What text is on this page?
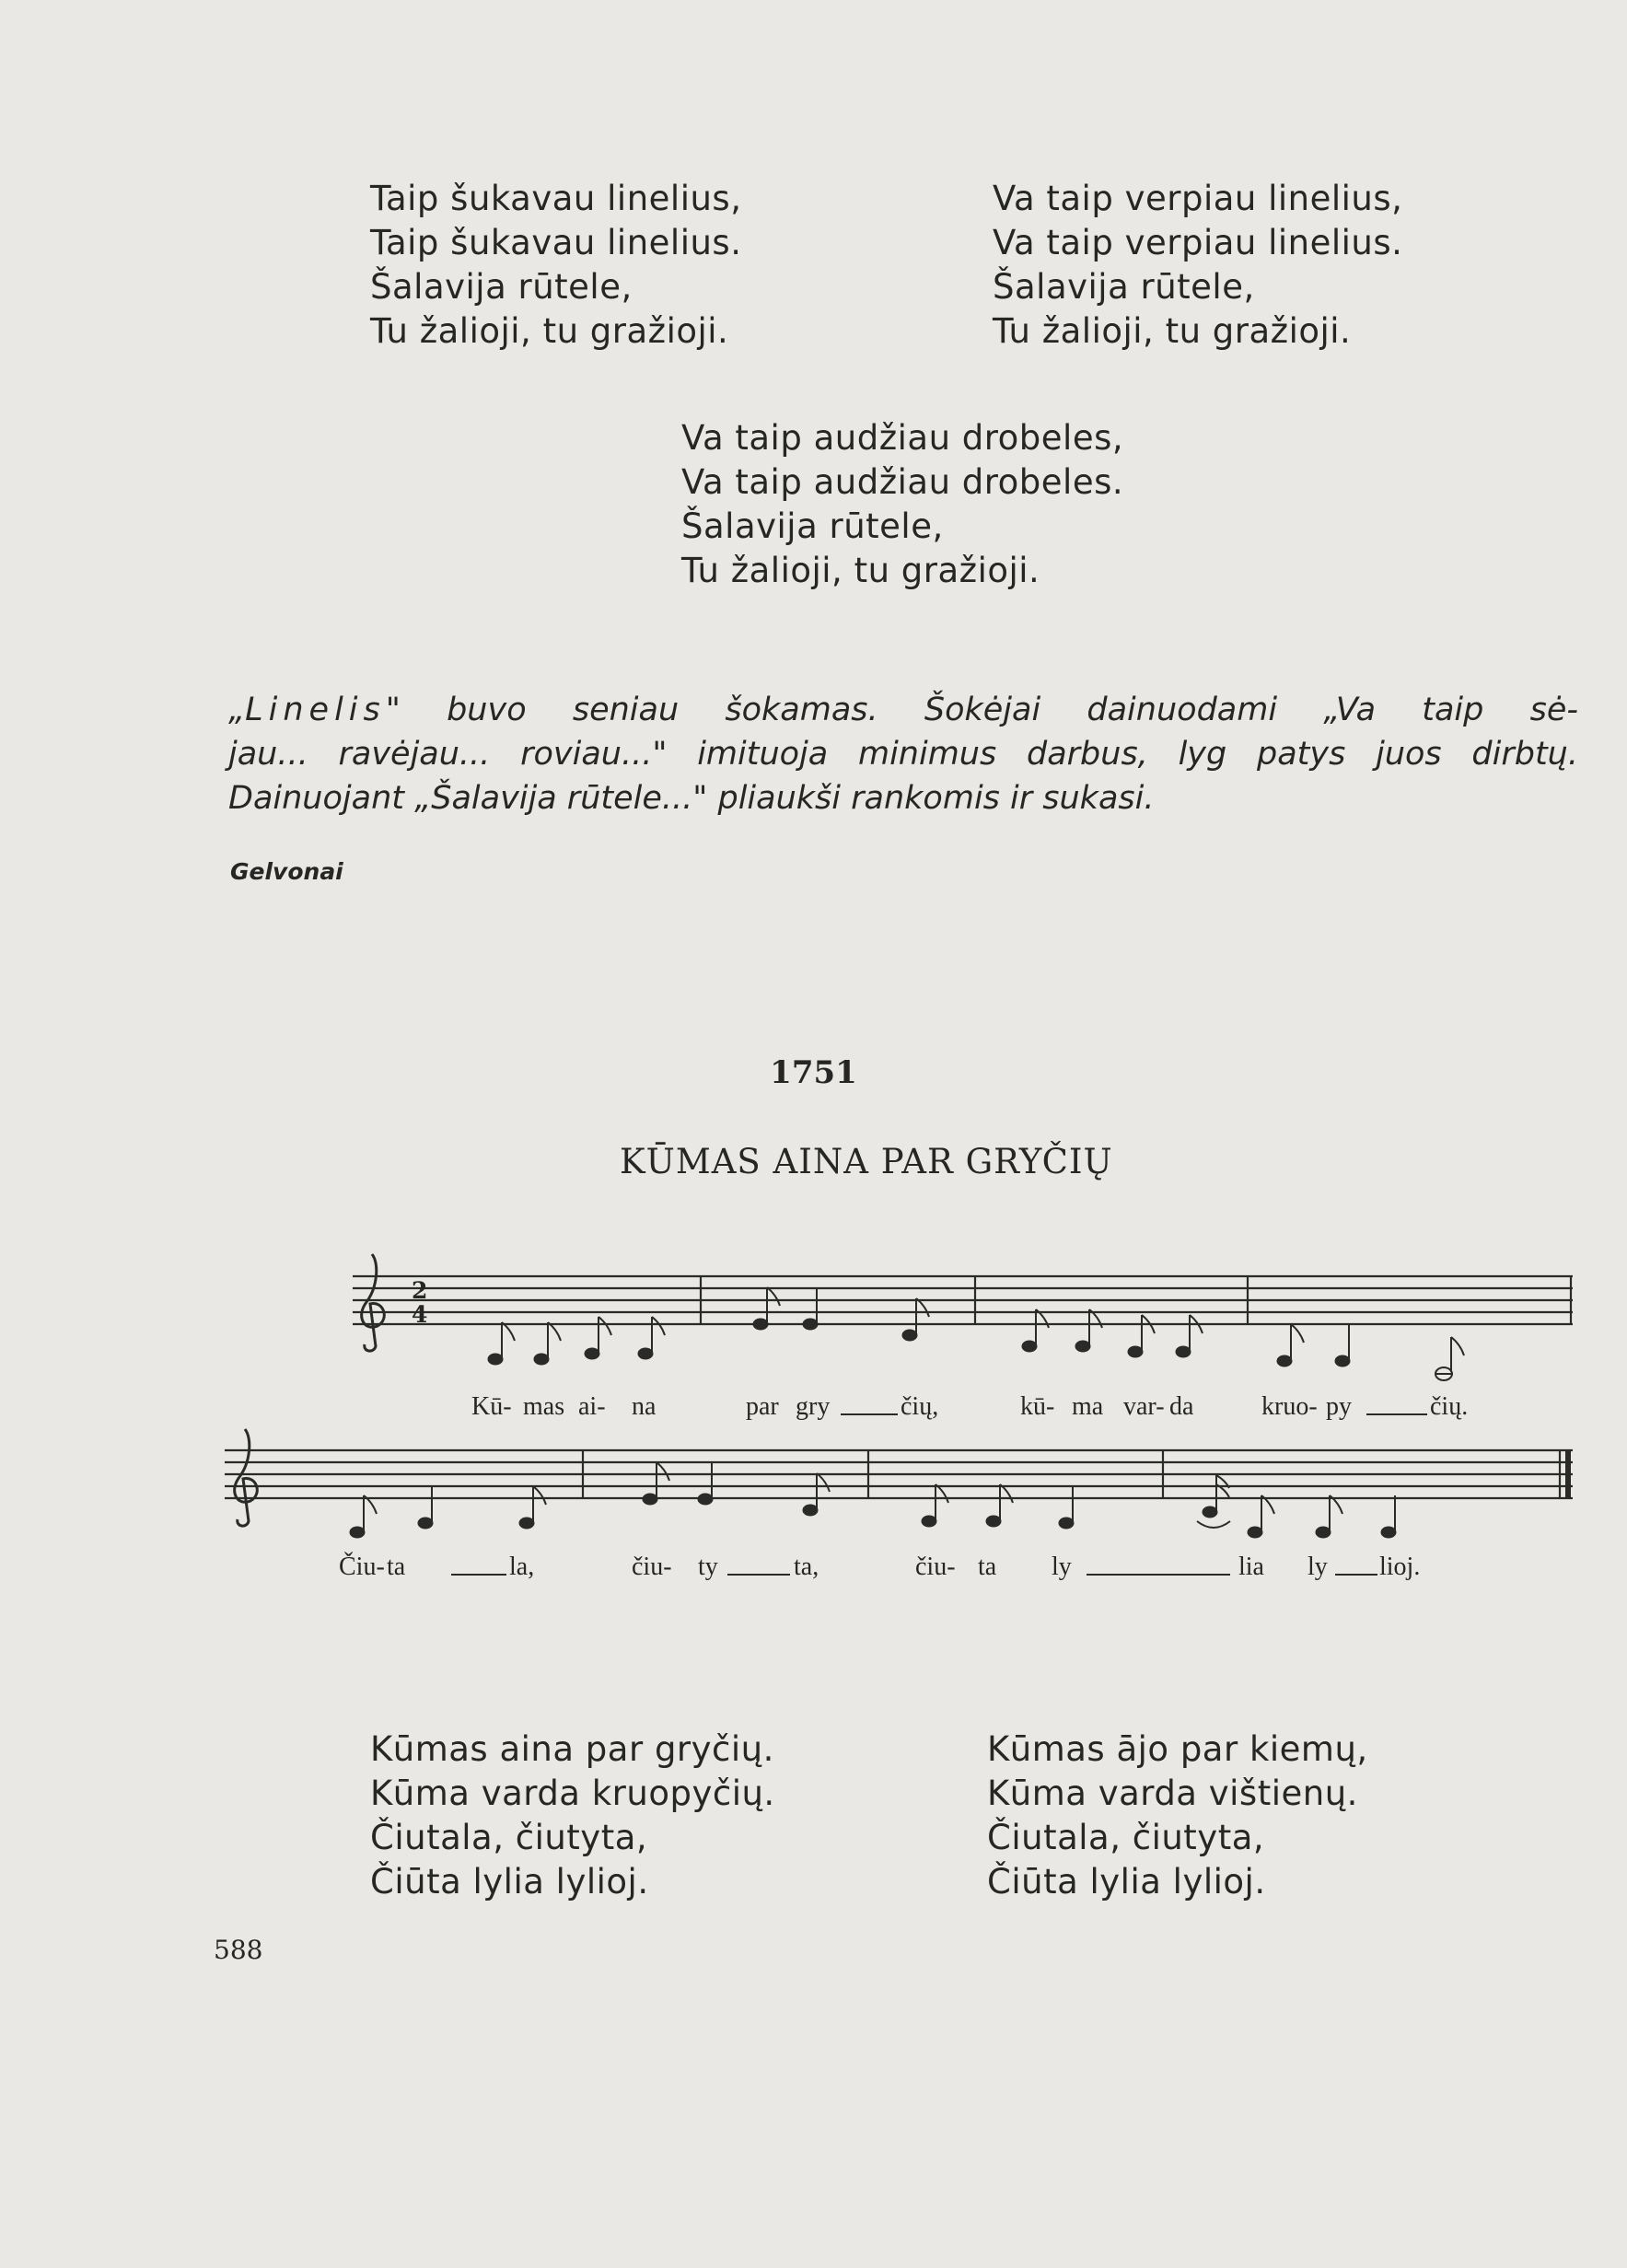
Taip šukavau linelius,
Taip šukavau linelius.
Šalavija rūtele,
Tu žalioji, tu gražioji.
Va taip verpiau linelius,
Va taip verpiau linelius.
Šalavija rūtele,
Tu žalioji, tu gražioji.
Va taip audžiau drobeles,
Va taip audžiau drobeles.
Šalavija rūtele,
Tu žalioji, tu gražioji.
„Linelis" buvo seniau šokamas. Šokėjai dainuodami „Va taip sė-
jau... ravėjau... roviau..." imituoja minimus darbus, lyg patys juos dirbtų.
Dainuojant „Šalavija rūtele..." pliaukši rankomis ir sukasi.
Gelvonai
1751
KŪMAS AINA PAR GRYČIŲ
2
4
Kū- mas ai- na	par gry	čių,	kū- ma var- da	kruo- py	čių.
Čiu- ta	la,	čiu- ty	ta,	čiu- ta ly	lia ly lioj.
Kūmas aina par gryčių.
Kūma varda kruopyčių.
Čiutala, čiutyta,
Čiūta lylia lylioj.
Kūmas ājo par kiemų,
Kūma varda vištienų.
Čiutala, čiutyta,
Čiūta lylia lylioj.
588
